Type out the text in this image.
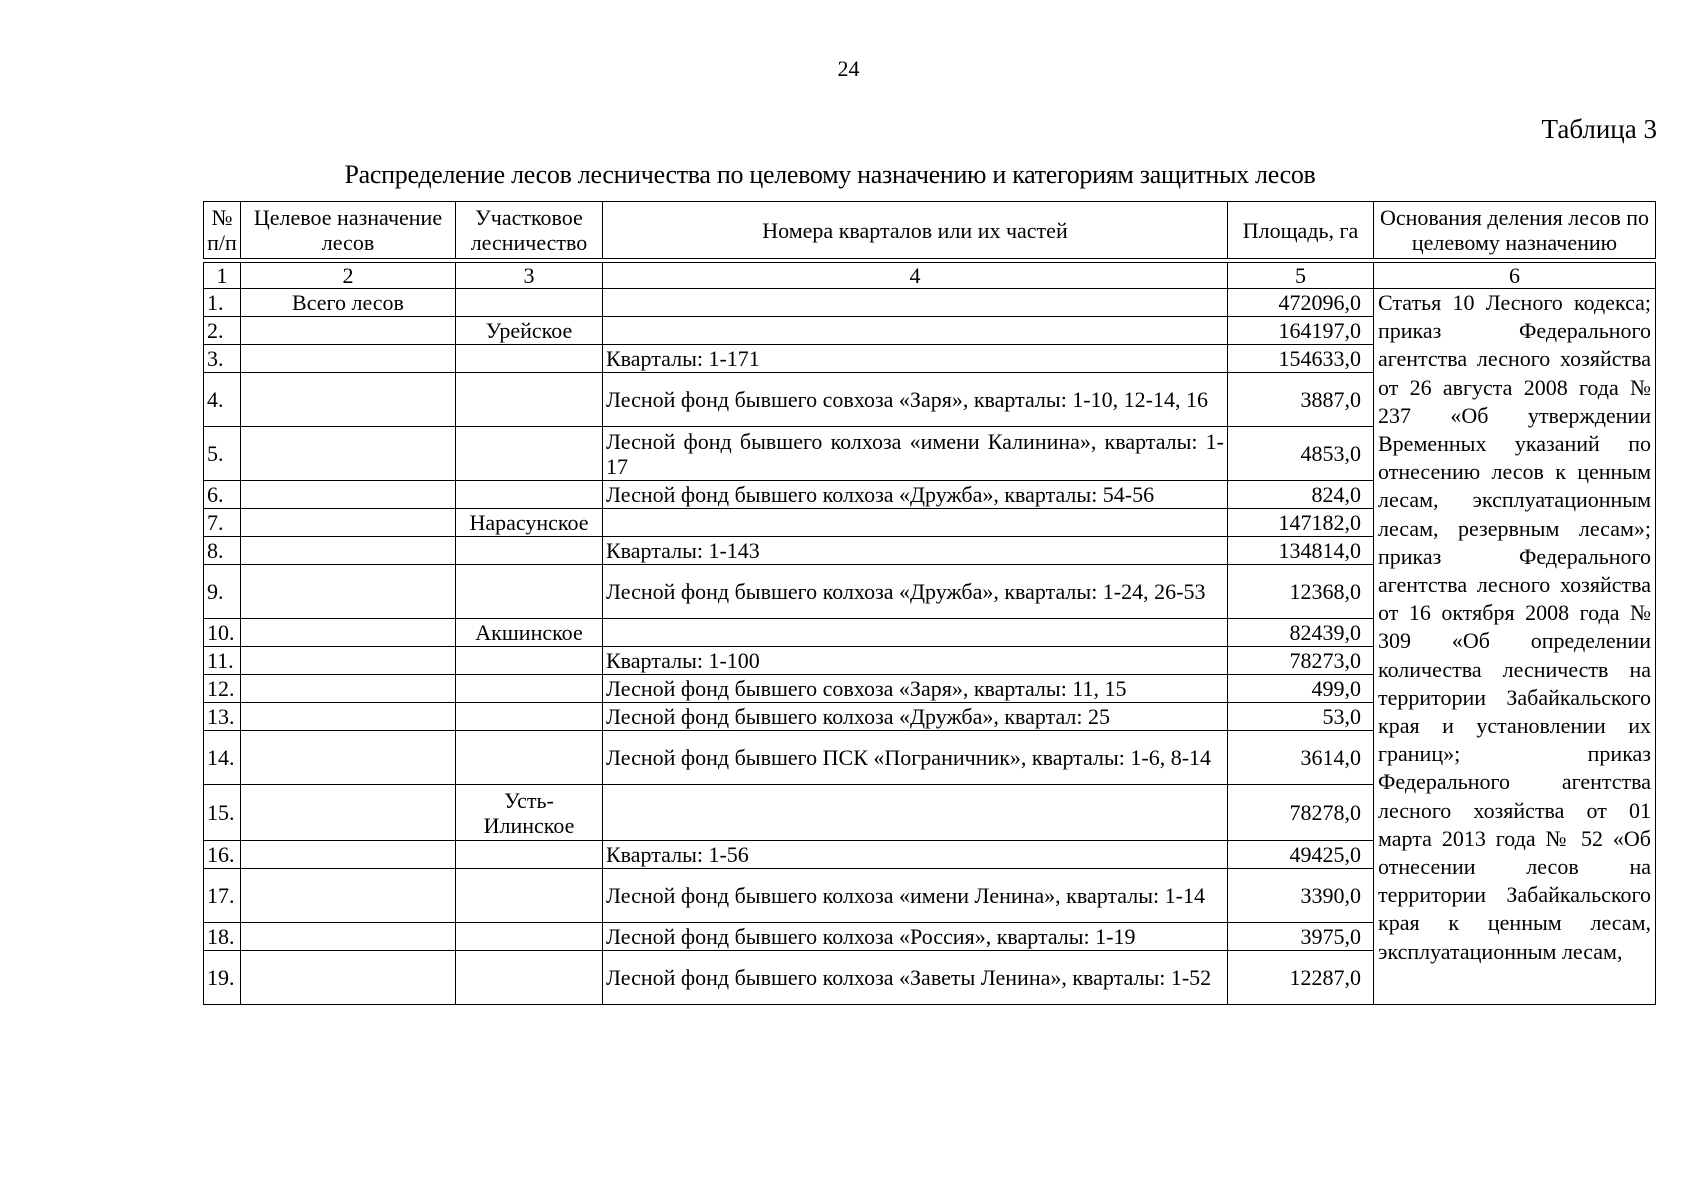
24
Таблица 3
Распределение лесов лесничества по целевому назначению и категориям защитных лесов
№ п/п	Целевое назначение лесов	Участковое лесничество	Номера кварталов или их частей	Площадь, га	Основания деления лесов по целевому назначению

1	2	3	4	5	6
1.	Всего лесов			472096,0	Статья 10 Лесного кодекса; приказ Федерального агентства лесного хозяйства от 26 августа 2008 года № 237 «Об утверждении Временных указаний по отнесению лесов к ценным лесам, эксплуатационным лесам, резервным лесам»; приказ Федерального агентства лесного хозяйства от 16 октября 2008 года № 309 «Об определении количества лесничеств на территории Забайкальского края и установлении их границ»; приказ Федерального агентства лесного хозяйства от 01 марта 2013 года № 52 «Об отнесении лесов на территории Забайкальского края к ценным лесам, эксплуатационным лесам,
2.		Урейское		164197,0	
3.			Кварталы: 1-171	154633,0	
4.			Лесной фонд бывшего совхоза «Заря», кварталы: 1-10, 12-14, 16	3887,0	
5.			Лесной фонд бывшего колхоза «имени Калинина», кварталы: 1-17	4853,0	
6.			Лесной фонд бывшего колхоза «Дружба», кварталы: 54-56	824,0	
7.		Нарасунское		147182,0	
8.			Кварталы: 1-143	134814,0	
9.			Лесной фонд бывшего колхоза «Дружба», кварталы: 1-24, 26-53	12368,0	
10.		Акшинское		82439,0	
11.			Кварталы: 1-100	78273,0	
12.			Лесной фонд бывшего совхоза «Заря», кварталы: 11, 15	499,0	
13.			Лесной фонд бывшего колхоза «Дружба», квартал: 25	53,0	
14.			Лесной фонд бывшего ПСК «Пограничник», кварталы: 1-6, 8-14	3614,0	
15.		Усть-Илинское		78278,0	
16.			Кварталы: 1-56	49425,0	
17.			Лесной фонд бывшего колхоза «имени Ленина», кварталы: 1-14	3390,0	
18.			Лесной фонд бывшего колхоза «Россия», кварталы: 1-19	3975,0	
19.			Лесной фонд бывшего колхоза «Заветы Ленина», кварталы: 1-52	12287,0	
